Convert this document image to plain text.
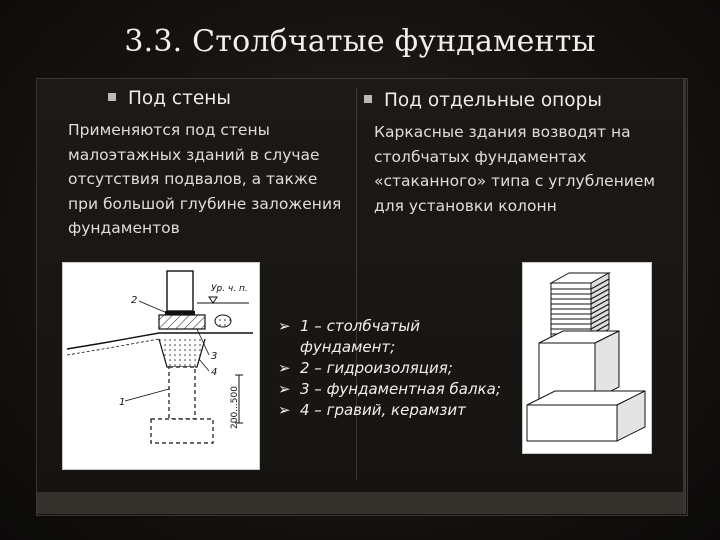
3.3. Столбчатые фундаменты
Под стены
Применяются под стены малоэтажных зданий в случае отсутствия подвалов, а также при большой глубине заложения фундаментов
Под отдельные опоры
Каркасные здания возводят на столбчатых фундаментах «стаканного» типа с углублением для установки колонн
Ур. ч. п.
200...500
2
3
4
1
➢ 1 – столбчатый фундамент;
➢ 2 – гидроизоляция;
➢ 3 – фундаментная балка;
➢ 4 – гравий, керамзит
